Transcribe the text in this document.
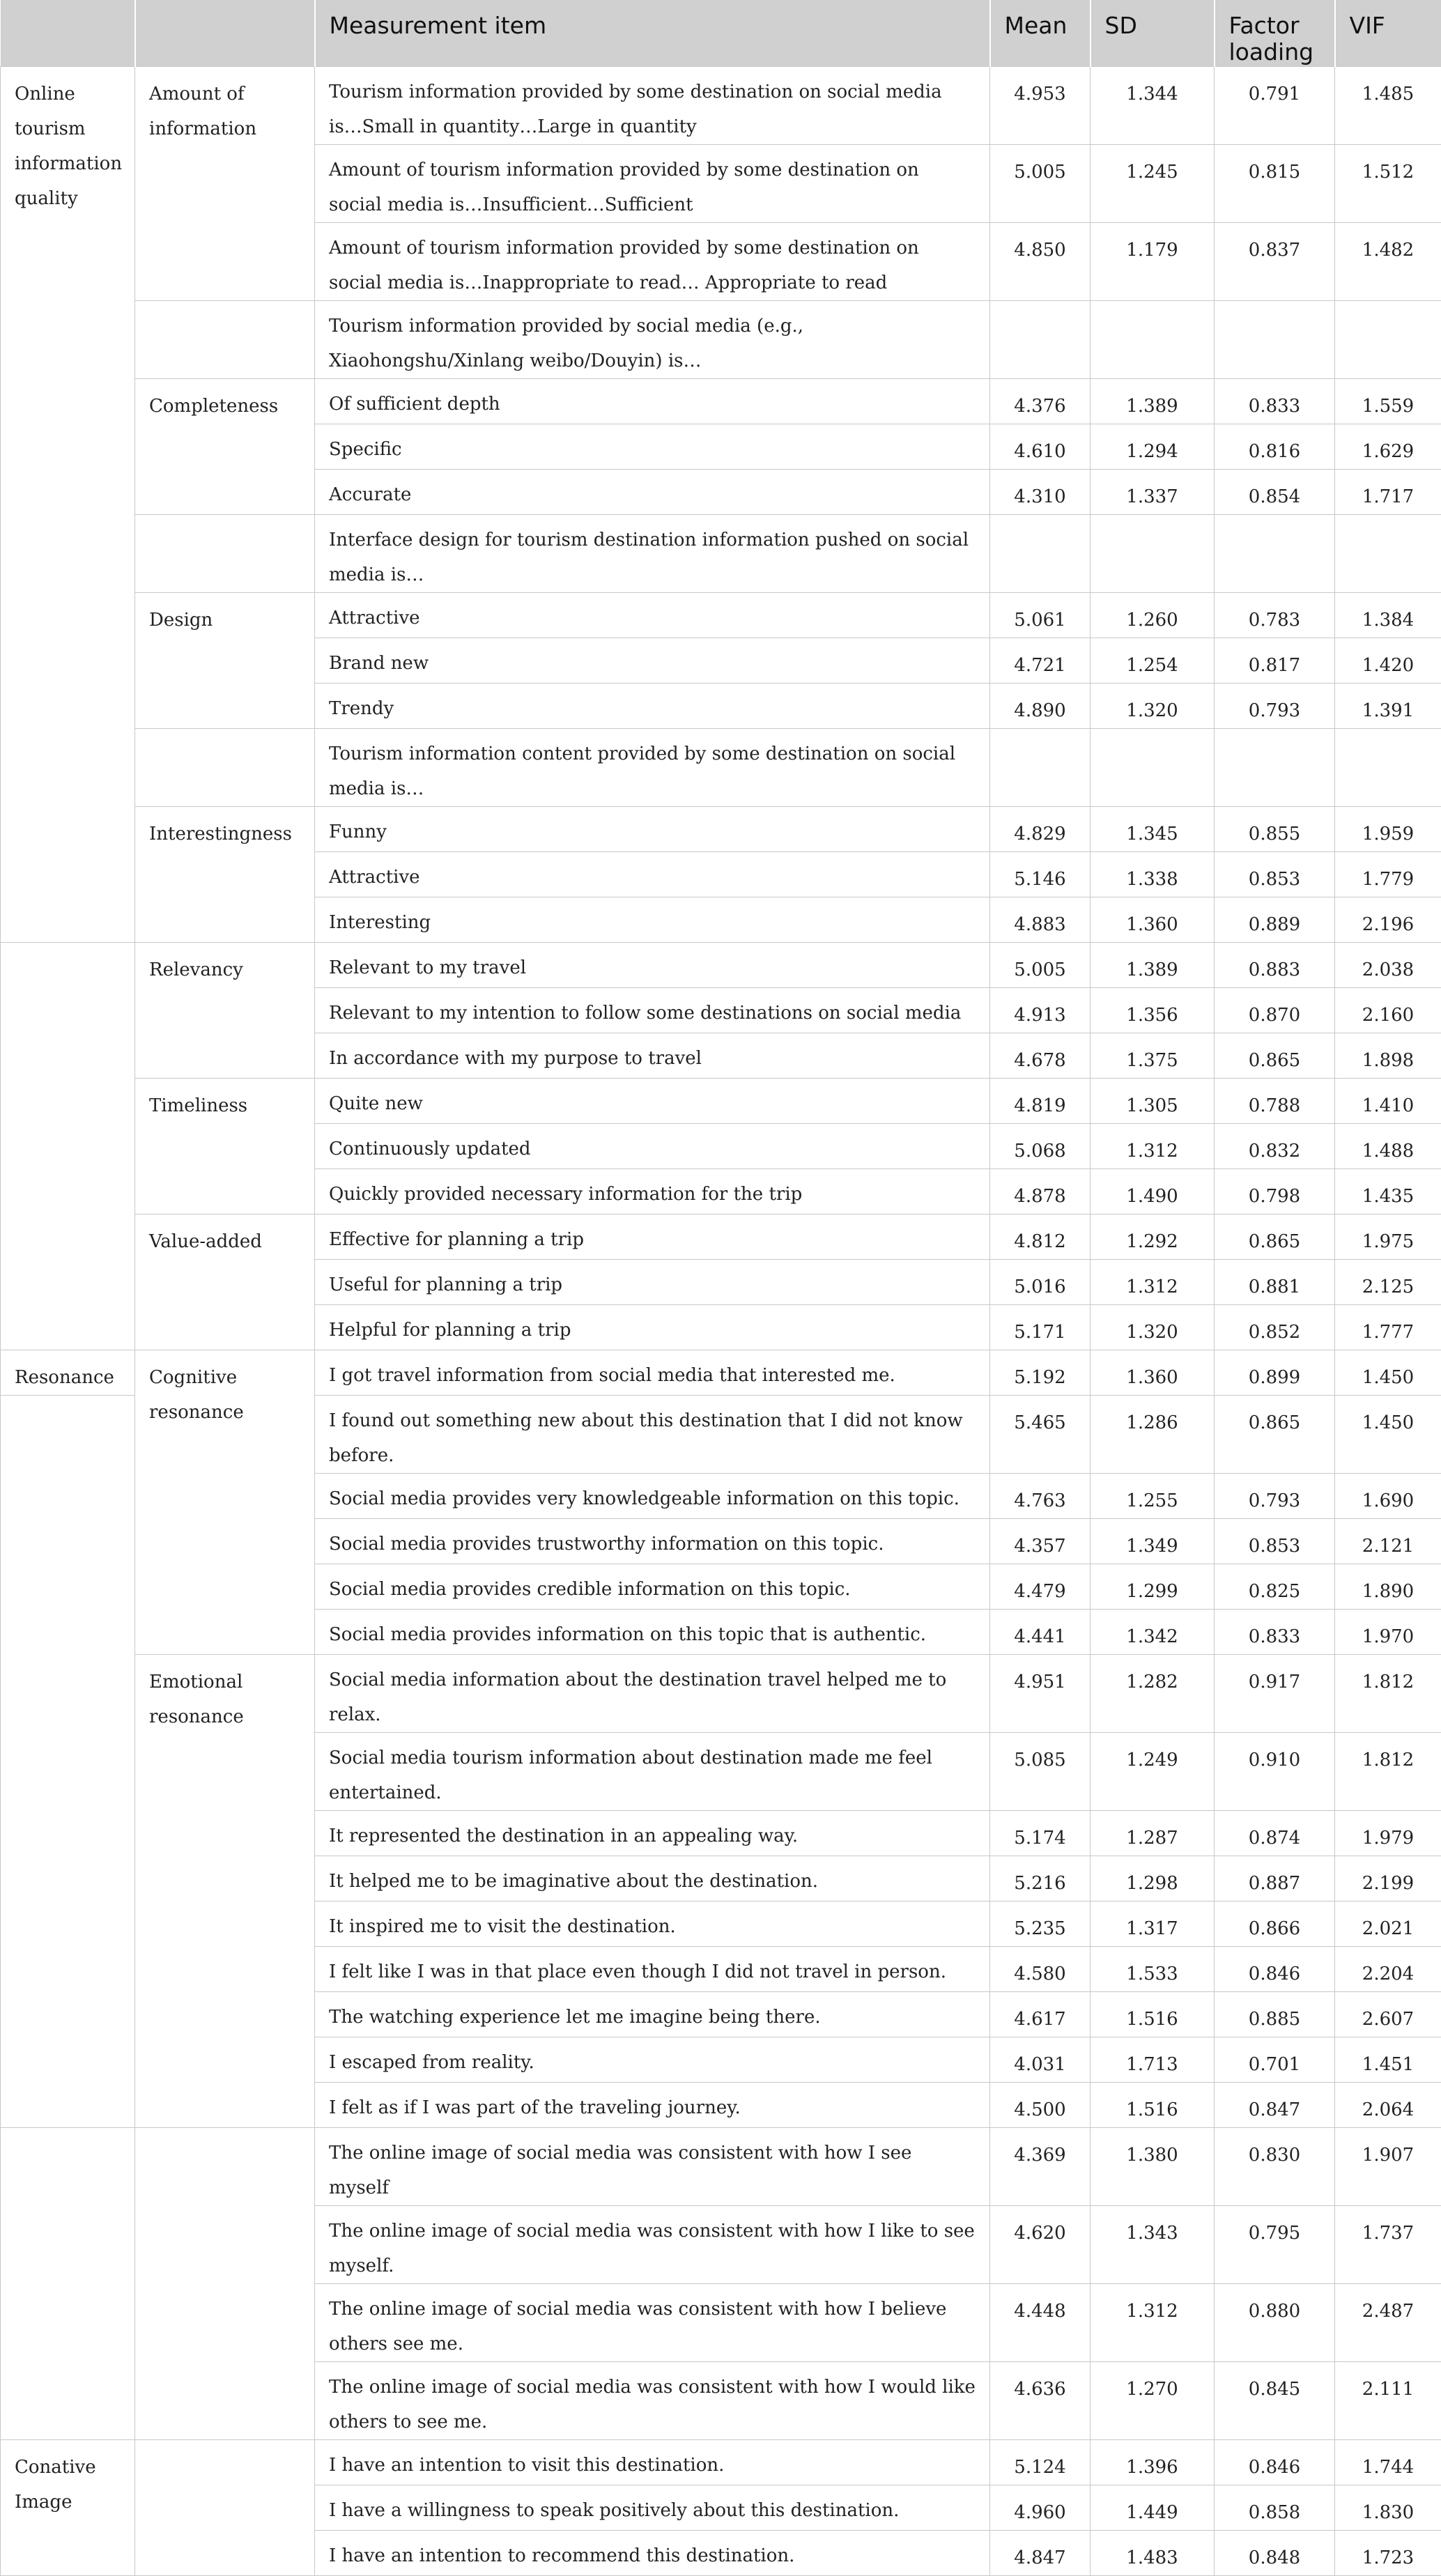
		Measurement item	Mean	SD	Factor loading	VIF
Online tourism information quality	Amount of information	Tourism information provided by some destination on social media is…Small in quantity…Large in quantity	4.953	1.344	0.791	1.485
		Amount of tourism information provided by some destination on social media is…Insufficient…Sufficient	5.005	1.245	0.815	1.512
		Amount of tourism information provided by some destination on social media is…Inappropriate to read… Appropriate to read	4.850	1.179	0.837	1.482
		Tourism information provided by social media (e.g., Xiaohongshu/Xinlang weibo/Douyin) is…				
	Completeness	Of sufficient depth	4.376	1.389	0.833	1.559
		Specific	4.610	1.294	0.816	1.629
		Accurate	4.310	1.337	0.854	1.717
		Interface design for tourism destination information pushed on social media is…				
	Design	Attractive	5.061	1.260	0.783	1.384
		Brand new	4.721	1.254	0.817	1.420
		Trendy	4.890	1.320	0.793	1.391
		Tourism information content provided by some destination on social media is…				
	Interestingness	Funny	4.829	1.345	0.855	1.959
		Attractive	5.146	1.338	0.853	1.779
		Interesting	4.883	1.360	0.889	2.196
	Relevancy	Relevant to my travel	5.005	1.389	0.883	2.038
		Relevant to my intention to follow some destinations on social media	4.913	1.356	0.870	2.160
		In accordance with my purpose to travel	4.678	1.375	0.865	1.898
	Timeliness	Quite new	4.819	1.305	0.788	1.410
		Continuously updated	5.068	1.312	0.832	1.488
		Quickly provided necessary information for the trip	4.878	1.490	0.798	1.435
	Value-added	Effective for planning a trip	4.812	1.292	0.865	1.975
		Useful for planning a trip	5.016	1.312	0.881	2.125
		Helpful for planning a trip	5.171	1.320	0.852	1.777
Resonance	Cognitive resonance	I got travel information from social media that interested me.	5.192	1.360	0.899	1.450
		I found out something new about this destination that I did not know before.	5.465	1.286	0.865	1.450
		Social media provides very knowledgeable information on this topic.	4.763	1.255	0.793	1.690
		Social media provides trustworthy information on this topic.	4.357	1.349	0.853	2.121
		Social media provides credible information on this topic.	4.479	1.299	0.825	1.890
		Social media provides information on this topic that is authentic.	4.441	1.342	0.833	1.970
	Emotional resonance	Social media information about the destination travel helped me to relax.	4.951	1.282	0.917	1.812
		Social media tourism information about destination made me feel entertained.	5.085	1.249	0.910	1.812
		It represented the destination in an appealing way.	5.174	1.287	0.874	1.979
		It helped me to be imaginative about the destination.	5.216	1.298	0.887	2.199
		It inspired me to visit the destination.	5.235	1.317	0.866	2.021
		I felt like I was in that place even though I did not travel in person.	4.580	1.533	0.846	2.204
		The watching experience let me imagine being there.	4.617	1.516	0.885	2.607
		I escaped from reality.	4.031	1.713	0.701	1.451
		I felt as if I was part of the traveling journey.	4.500	1.516	0.847	2.064
		The online image of social media was consistent with how I see myself	4.369	1.380	0.830	1.907
		The online image of social media was consistent with how I like to see myself.	4.620	1.343	0.795	1.737
		The online image of social media was consistent with how I believe others see me.	4.448	1.312	0.880	2.487
		The online image of social media was consistent with how I would like others to see me.	4.636	1.270	0.845	2.111
Conative Image		I have an intention to visit this destination.	5.124	1.396	0.846	1.744
		I have a willingness to speak positively about this destination.	4.960	1.449	0.858	1.830
		I have an intention to recommend this destination.	4.847	1.483	0.848	1.723
